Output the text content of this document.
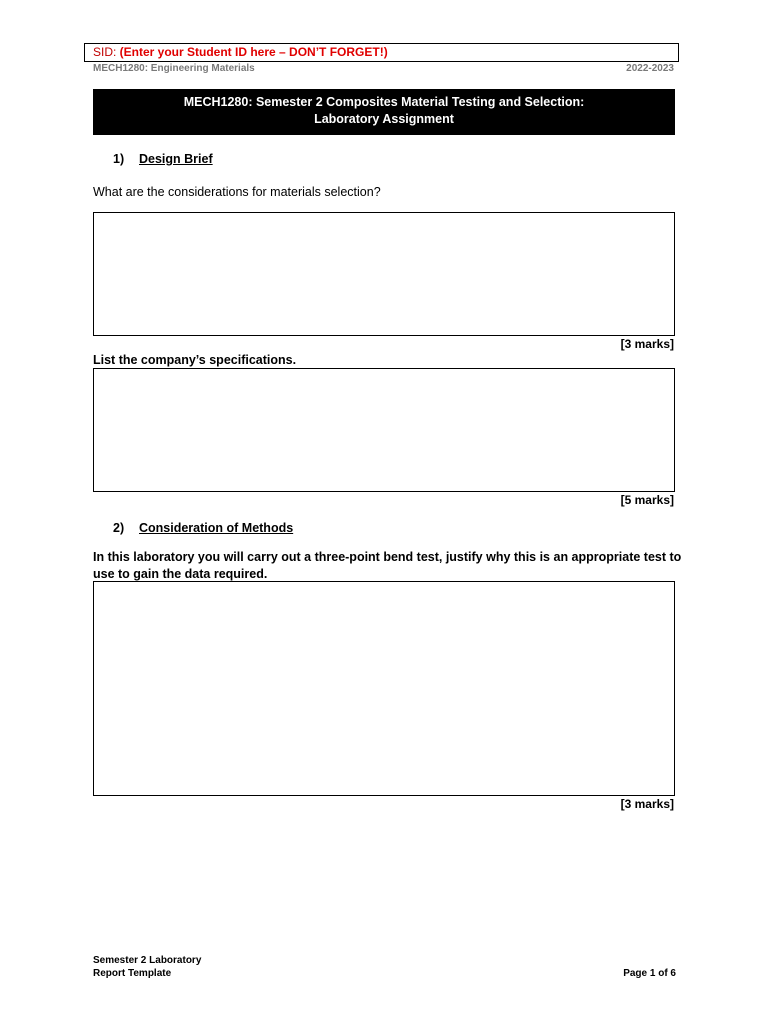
SID: (Enter your Student ID here – DON’T FORGET!)
MECH1280: Engineering Materials	2022-2023
MECH1280: Semester 2 Composites Material Testing and Selection:
Laboratory Assignment
1) Design Brief
What are the considerations for materials selection?
[3 marks]
List the company’s specifications.
[5 marks]
2) Consideration of Methods
In this laboratory you will carry out a three-point bend test, justify why this is an appropriate test to use to gain the data required.
[3 marks]
Semester 2 Laboratory
Report Template	Page 1 of 6
